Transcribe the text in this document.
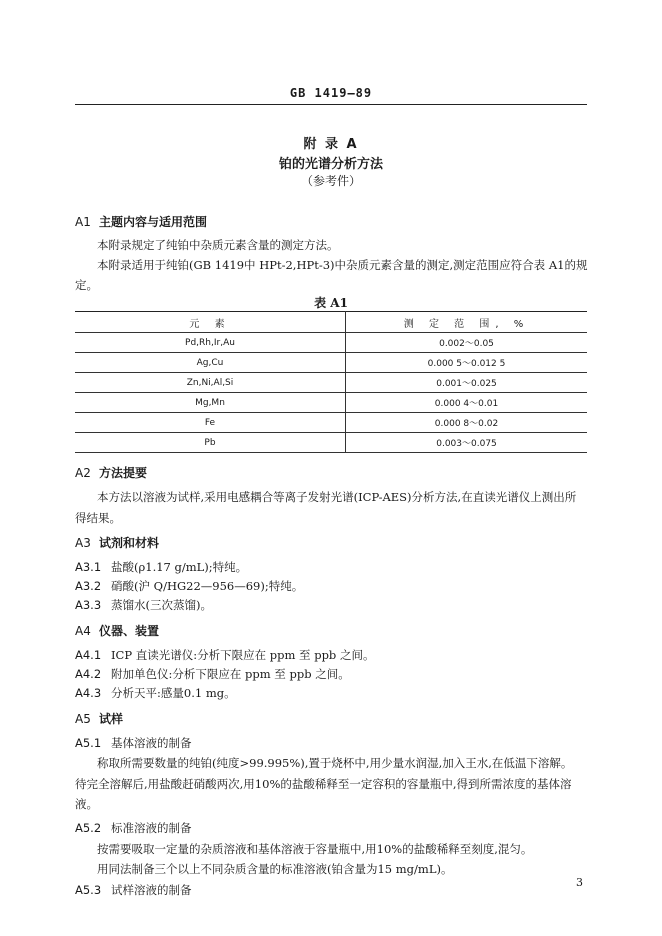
GB 1419—89
附 录 A
铂的光谱分析方法
（参考件）
A1 主题内容与适用范围
本附录规定了纯铂中杂质元素含量的测定方法。
本附录适用于纯铂(GB 1419中 HPt-2,HPt-3)中杂质元素含量的测定,测定范围应符合表 A1的规
定。
表 A1
元 素	测 定 范 围, %
Pd,Rh,Ir,Au	0.002～0.05
Ag,Cu	0.000 5～0.012 5
Zn,Ni,Al,Si	0.001～0.025
Mg,Mn	0.000 4～0.01
Fe	0.000 8～0.02
Pb	0.003～0.075
A2 方法提要
本方法以溶液为试样,采用电感耦合等离子发射光谱(ICP-AES)分析方法,在直读光谱仪上测出所
得结果。
A3 试剂和材料
A3.1 盐酸(ρ1.17 g/mL);特纯。
A3.2 硝酸(沪 Q/HG22—956—69);特纯。
A3.3 蒸馏水(三次蒸馏)。
A4 仪器、装置
A4.1 ICP 直读光谱仪:分析下限应在 ppm 至 ppb 之间。
A4.2 附加单色仪:分析下限应在 ppm 至 ppb 之间。
A4.3 分析天平:感量0.1 mg。
A5 试样
A5.1 基体溶液的制备
称取所需要数量的纯铂(纯度>99.995%),置于烧杯中,用少量水润湿,加入王水,在低温下溶解。
待完全溶解后,用盐酸赶硝酸两次,用10%的盐酸稀释至一定容积的容量瓶中,得到所需浓度的基体溶
液。
A5.2 标准溶液的制备
按需要吸取一定量的杂质溶液和基体溶液于容量瓶中,用10%的盐酸稀释至刻度,混匀。
用同法制备三个以上不同杂质含量的标准溶液(铂含量为15 mg/mL)。
A5.3 试样溶液的制备
3
